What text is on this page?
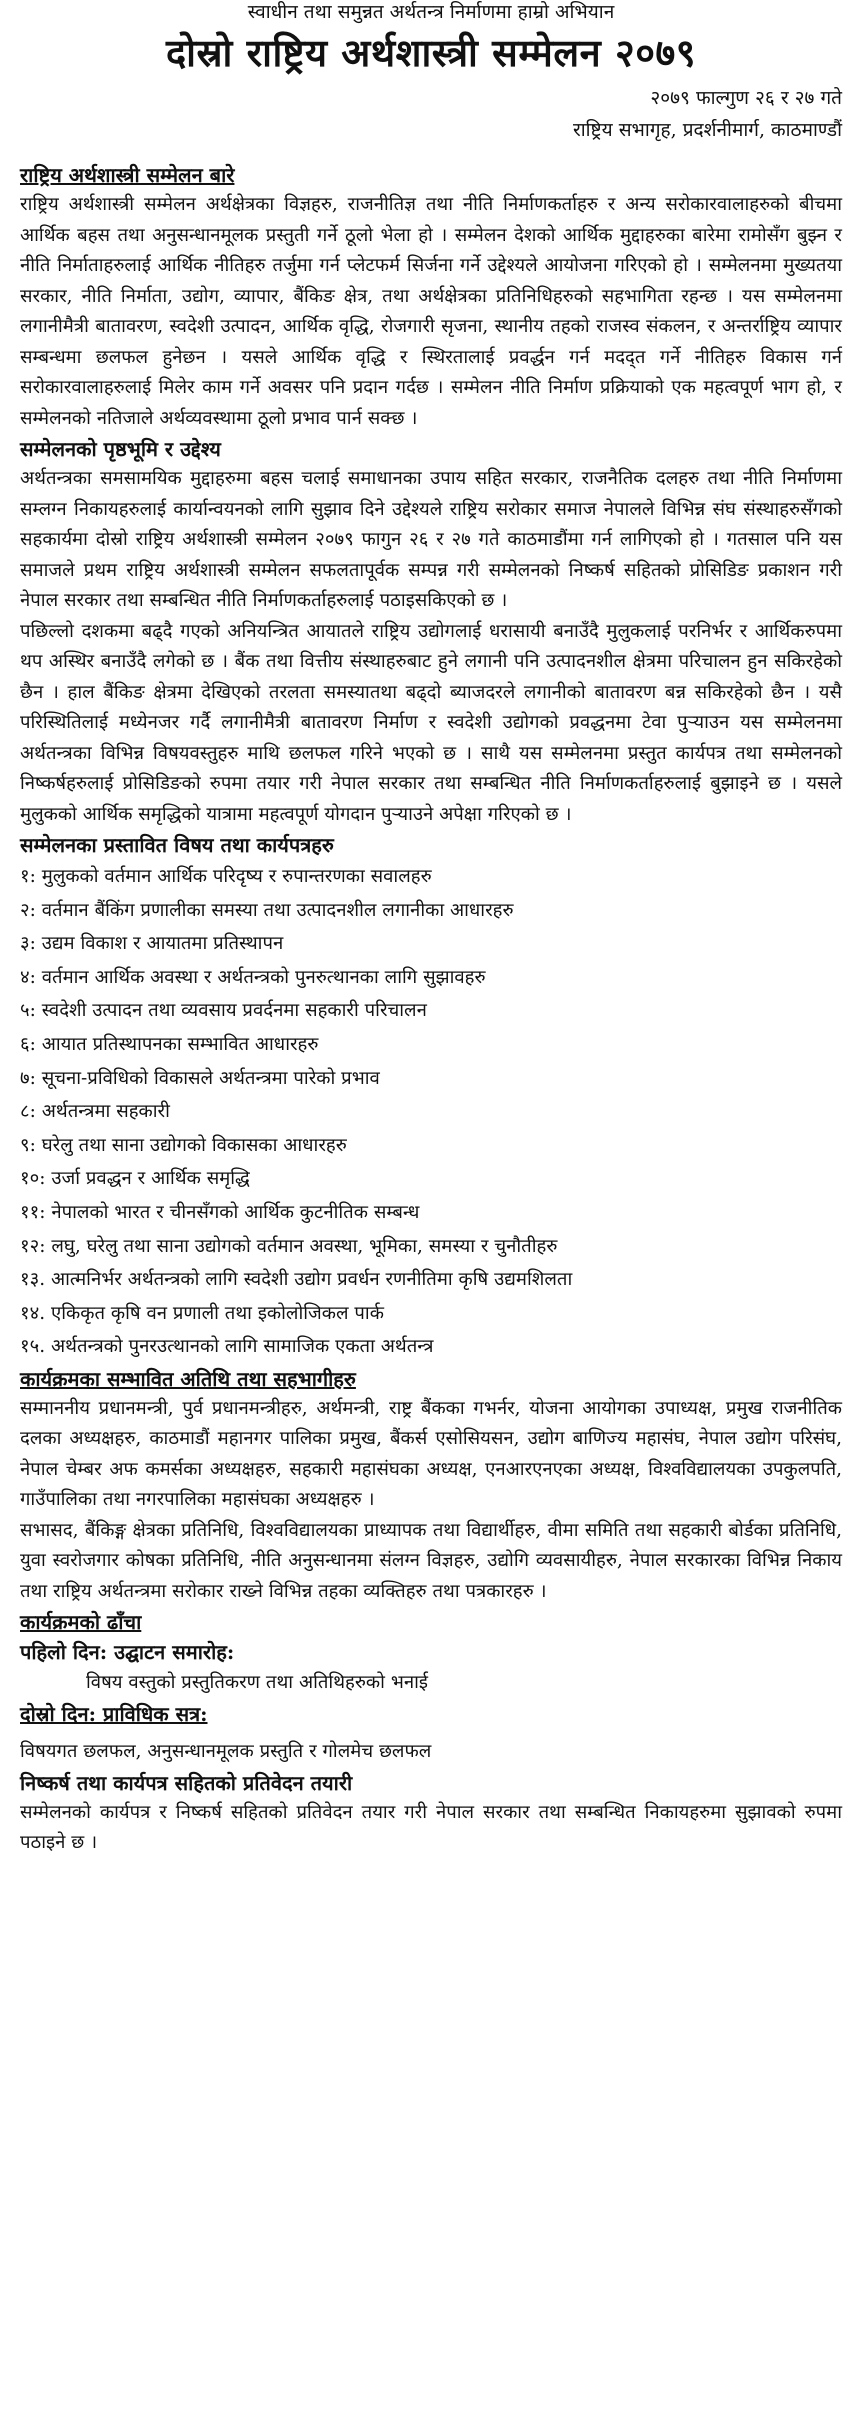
स्वाधीन तथा समुन्नत अर्थतन्त्र निर्माणमा हाम्रो अभियान

दोस्रो राष्ट्रिय अर्थशास्त्री सम्मेलन २०७९

२०७९ फाल्गुण २६ र २७ गते

राष्ट्रिय सभागृह, प्रदर्शनीमार्ग, काठमाण्डौं

राष्ट्रिय अर्थशास्त्री सम्मेलन बारे

राष्ट्रिय अर्थशास्त्री सम्मेलन अर्थक्षेत्रका विज्ञहरु, राजनीतिज्ञ तथा नीति निर्माणकर्ताहरु र अन्य सरोकारवालाहरुको बीचमा आर्थिक बहस तथा अनुसन्धानमूलक प्रस्तुती गर्ने ठूलो भेला हो । सम्मेलन देशको आर्थिक मुद्दाहरुका बारेमा रामोसँग बुझ्न र नीति निर्माताहरुलाई आर्थिक नीतिहरु तर्जुमा गर्न प्लेटफर्म सिर्जना गर्ने उद्देश्यले आयोजना गरिएको हो । सम्मेलनमा मुख्यतया सरकार, नीति निर्माता, उद्योग, व्यापार, बैंकिङ क्षेत्र, तथा अर्थक्षेत्रका प्रतिनिधिहरुको सहभागिता रहन्छ । यस सम्मेलनमा लगानीमैत्री बातावरण, स्वदेशी उत्पादन, आर्थिक वृद्धि, रोजगारी सृजना, स्थानीय तहको राजस्व संकलन, र अन्तर्राष्ट्रिय व्यापार सम्बन्धमा छलफल हुनेछन । यसले आर्थिक वृद्धि र स्थिरतालाई प्रवर्द्धन गर्न मदद्त गर्ने नीतिहरु विकास गर्न सरोकारवालाहरुलाई मिलेर काम गर्ने अवसर पनि प्रदान गर्दछ । सम्मेलन नीति निर्माण प्रक्रियाको एक महत्वपूर्ण भाग हो, र सम्मेलनको नतिजाले अर्थव्यवस्थामा ठूलो प्रभाव पार्न सक्छ ।

सम्मेलनको पृष्ठभूमि र उद्देश्य

अर्थतन्त्रका समसामयिक मुद्दाहरुमा बहस चलाई समाधानका उपाय सहित सरकार, राजनैतिक दलहरु तथा नीति निर्माणमा सम्लग्न निकायहरुलाई कार्यान्वयनको लागि सुझाव दिने उद्देश्यले राष्ट्रिय सरोकार समाज नेपालले विभिन्न संघ संस्थाहरुसँगको सहकार्यमा दोस्रो राष्ट्रिय अर्थशास्त्री सम्मेलन २०७९ फागुन २६ र २७ गते काठमाडौंमा गर्न लागिएको हो । गतसाल पनि यस समाजले प्रथम राष्ट्रिय अर्थशास्त्री सम्मेलन सफलतापूर्वक सम्पन्न गरी सम्मेलनको निष्कर्ष सहितको प्रोसिडिङ प्रकाशन गरी नेपाल सरकार तथा सम्बन्धित नीति निर्माणकर्ताहरुलाई पठाइसकिएको छ ।

पछिल्लो दशकमा बढ्दै गएको अनियन्त्रित आयातले राष्ट्रिय उद्योगलाई धरासायी बनाउँदै मुलुकलाई परनिर्भर र आर्थिकरुपमा थप अस्थिर बनाउँदै लगेको छ । बैंक तथा वित्तीय संस्थाहरुबाट हुने लगानी पनि उत्पादनशील क्षेत्रमा परिचालन हुन सकिरहेको छैन । हाल बैंकिङ क्षेत्रमा देखिएको तरलता समस्यातथा बढ्दो ब्याजदरले लगानीको बातावरण बन्न सकिरहेको छैन । यसै परिस्थितिलाई मध्येनजर गर्दै लगानीमैत्री बातावरण निर्माण र स्वदेशी उद्योगको प्रवद्धनमा टेवा पुऱ्याउन यस सम्मेलनमा अर्थतन्त्रका विभिन्न विषयवस्तुहरु माथि छलफल गरिने भएको छ । साथै यस सम्मेलनमा प्रस्तुत कार्यपत्र तथा सम्मेलनको निष्कर्षहरुलाई प्रोसिडिङको रुपमा तयार गरी नेपाल सरकार तथा सम्बन्धित नीति निर्माणकर्ताहरुलाई बुझाइने छ । यसले मुलुकको आर्थिक समृद्धिको यात्रामा महत्वपूर्ण योगदान पुऱ्याउने अपेक्षा गरिएको छ ।

सम्मेलनका प्रस्तावित विषय तथा कार्यपत्रहरु
१: मुलुकको वर्तमान आर्थिक परिदृष्य र रुपान्तरणका सवालहरु
२: वर्तमान बैंकिंग प्रणालीका समस्या तथा उत्पादनशील लगानीका आधारहरु
३: उद्यम विकाश र आयातमा प्रतिस्थापन
४: वर्तमान आर्थिक अवस्था र अर्थतन्त्रको पुनरुत्थानका लागि सुझावहरु
५: स्वदेशी उत्पादन तथा व्यवसाय प्रवर्दनमा सहकारी परिचालन
६: आयात प्रतिस्थापनका सम्भावित आधारहरु
७: सूचना-प्रविधिको विकासले अर्थतन्त्रमा पारेको प्रभाव
८: अर्थतन्त्रमा सहकारी
९: घरेलु तथा साना उद्योगको विकासका आधारहरु
१०: उर्जा प्रवद्धन र आर्थिक समृद्धि
११: नेपालको भारत र चीनसँगको आर्थिक कुटनीतिक सम्बन्ध
१२: लघु, घरेलु तथा साना उद्योगको वर्तमान अवस्था, भूमिका, समस्या र चुनौतीहरु
१३. आत्मनिर्भर अर्थतन्त्रको लागि स्वदेशी उद्योग प्रवर्धन रणनीतिमा कृषि उद्यमशिलता
१४. एकिकृत कृषि वन प्रणाली तथा इकोलोजिकल पार्क
१५. अर्थतन्त्रको पुनरउत्थानको लागि सामाजिक एकता अर्थतन्त्र
कार्यक्रमका सम्भावित अतिथि तथा सहभागीहरु

सम्माननीय प्रधानमन्त्री, पुर्व प्रधानमन्त्रीहरु, अर्थमन्त्री, राष्ट्र बैंकका गभर्नर, योजना आयोगका उपाध्यक्ष, प्रमुख राजनीतिक दलका अध्यक्षहरु, काठमाडौं महानगर पालिका प्रमुख, बैंकर्स एसोसियसन, उद्योग बाणिज्य महासंघ, नेपाल उद्योग परिसंघ, नेपाल चेम्बर अफ कमर्सका अध्यक्षहरु, सहकारी महासंघका अध्यक्ष, एनआरएनएका अध्यक्ष, विश्वविद्यालयका उपकुलपति, गाउँपालिका तथा नगरपालिका महासंघका अध्यक्षहरु ।

सभासद, बैंकिङ्ग क्षेत्रका प्रतिनिधि, विश्वविद्यालयका प्राध्यापक तथा विद्यार्थीहरु, वीमा समिति तथा सहकारी बोर्डका प्रतिनिधि, युवा स्वरोजगार कोषका प्रतिनिधि, नीति अनुसन्धानमा संलग्न विज्ञहरु, उद्योगि व्यवसायीहरु, नेपाल सरकारका विभिन्न निकाय तथा राष्ट्रिय अर्थतन्त्रमा सरोकार राख्ने विभिन्न तहका व्यक्तिहरु तथा पत्रकारहरु ।

कार्यक्रमको ढाँचा
पहिलो दिन: उद्घाटन समारोह:
विषय वस्तुको प्रस्तुतिकरण तथा अतिथिहरुको भनाई
दोस्रो दिन: प्राविधिक सत्र:

विषयगत छलफल, अनुसन्धानमूलक प्रस्तुति र गोलमेच छलफल

निष्कर्ष तथा कार्यपत्र सहितको प्रतिवेदन तयारी

सम्मेलनको कार्यपत्र र निष्कर्ष सहितको प्रतिवेदन तयार गरी नेपाल सरकार तथा सम्बन्धित निकायहरुमा सुझावको रुपमा पठाइने छ ।
